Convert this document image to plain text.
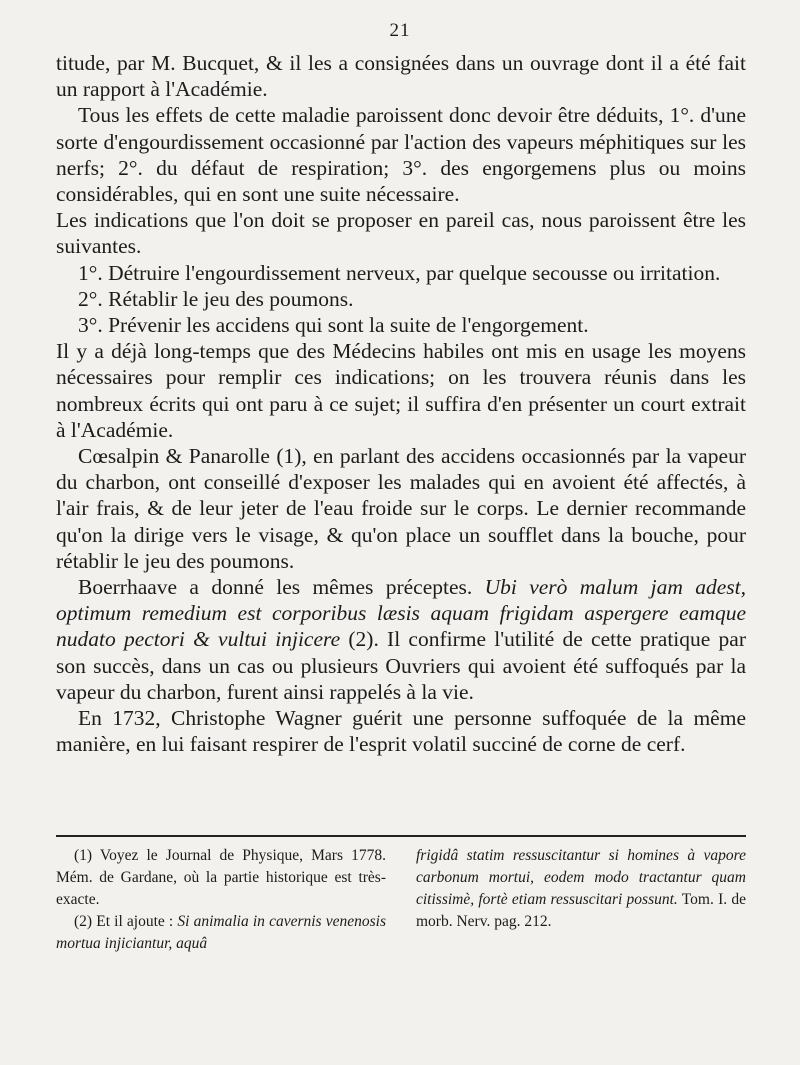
21

titude, par M. Bucquet, & il les a consignées dans un ouvrage dont il a été fait un rapport à l'Académie.

Tous les effets de cette maladie paroissent donc devoir être déduits, 1°. d'une sorte d'engourdissement occasionné par l'action des vapeurs méphitiques sur les nerfs; 2°. du défaut de respiration; 3°. des engorgemens plus ou moins considérables, qui en sont une suite nécessaire.

Les indications que l'on doit se proposer en pareil cas, nous paroissent être les suivantes.

1°. Détruire l'engourdissement nerveux, par quelque secousse ou irritation.

2°. Rétablir le jeu des poumons.

3°. Prévenir les accidens qui sont la suite de l'engorgement.

Il y a déjà long-temps que des Médecins habiles ont mis en usage les moyens nécessaires pour remplir ces indications; on les trouvera réunis dans les nombreux écrits qui ont paru à ce sujet; il suffira d'en présenter un court extrait à l'Académie.

Cœsalpin & Panarolle (1), en parlant des accidens occasionnés par la vapeur du charbon, ont conseillé d'exposer les malades qui en avoient été affectés, à l'air frais, & de leur jeter de l'eau froide sur le corps. Le dernier recommande qu'on la dirige vers le visage, & qu'on place un soufflet dans la bouche, pour rétablir le jeu des poumons.

Boerrhaave a donné les mêmes préceptes. Ubi verò malum jam adest, optimum remedium est corporibus læsis aquam frigidam aspergere eamque nudato pectori & vultui injicere (2). Il confirme l'utilité de cette pratique par son succès, dans un cas ou plusieurs Ouvriers qui avoient été suffoqués par la vapeur du charbon, furent ainsi rappelés à la vie.

En 1732, Christophe Wagner guérit une personne suffoquée de la même manière, en lui faisant respirer de l'esprit volatil succiné de corne de cerf.

(1) Voyez le Journal de Physique, Mars 1778. Mém. de Gardane, où la partie historique est très-exacte.

(2) Et il ajoute : Si animalia in cavernis venenosis mortua injiciantur, aquâ

frigidâ statim ressuscitantur si homines à vapore carbonum mortui, eodem modo tractantur quam citissimè, fortè etiam ressuscitari possunt. Tom. I. de morb. Nerv. pag. 212.
